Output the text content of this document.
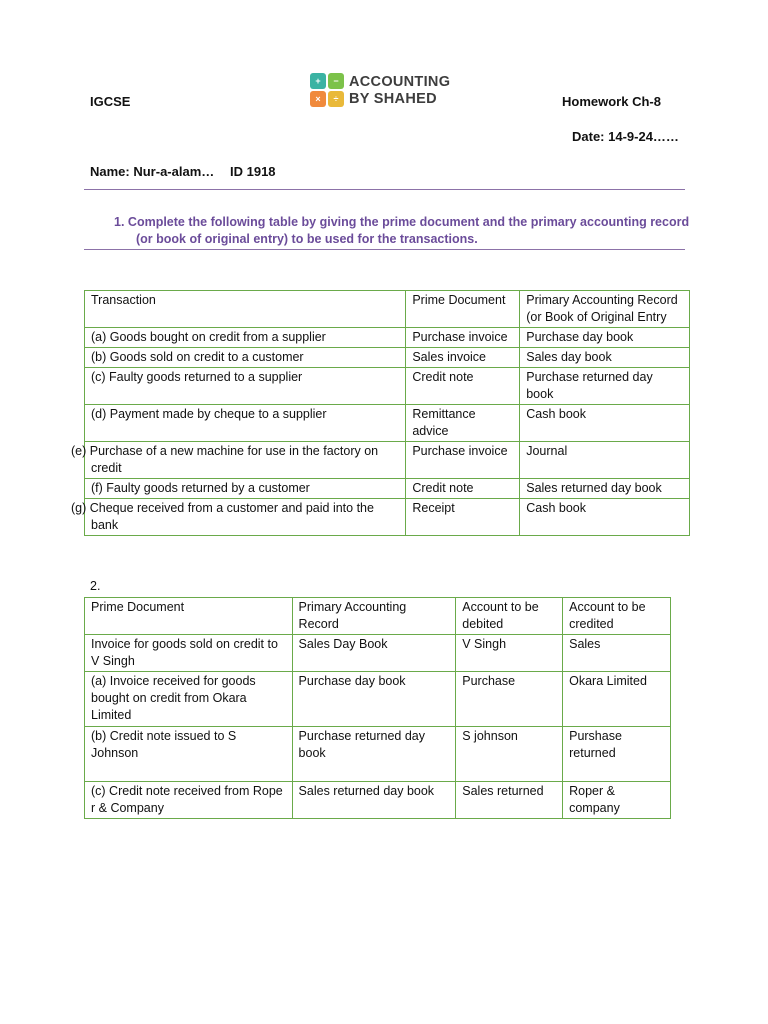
IGCSE	Homework Ch-8
Date: 14-9-24……
Name: Nur-a-alam… ID 1918
+	−
×	÷
ACCOUNTING
BY SHAHED
1. Complete the following table by giving the prime document and the primary accounting record
(or book of original entry) to be used for the transactions.
Transaction	Prime Document	Primary Accounting Record (or Book of Original Entry
(a) Goods bought on credit from a supplier	Purchase invoice	Purchase day book
(b) Goods sold on credit to a customer	Sales invoice	Sales day book
(c) Faulty goods returned to a supplier	Credit note	Purchase returned day book
(d) Payment made by cheque to a supplier	Remittance advice	Cash book
(e) Purchase of a new machine for use in the factory on credit	Purchase invoice	Journal
(f) Faulty goods returned by a customer	Credit note	Sales returned day book
(g) Cheque received from a customer and paid into the bank	Receipt	Cash book
2.
Prime Document	Primary Accounting Record	Account to be debited	Account to be credited
Invoice for goods sold on credit to V Singh	Sales Day Book	V Singh	Sales
(a) Invoice received for goods bought on credit from Okara Limited	Purchase day book	Purchase	Okara Limited
(b) Credit note issued to S Johnson	Purchase returned day book	S johnson	Purshase returned
(c) Credit note received from Rope r & Company	Sales returned day book	Sales returned	Roper & company
